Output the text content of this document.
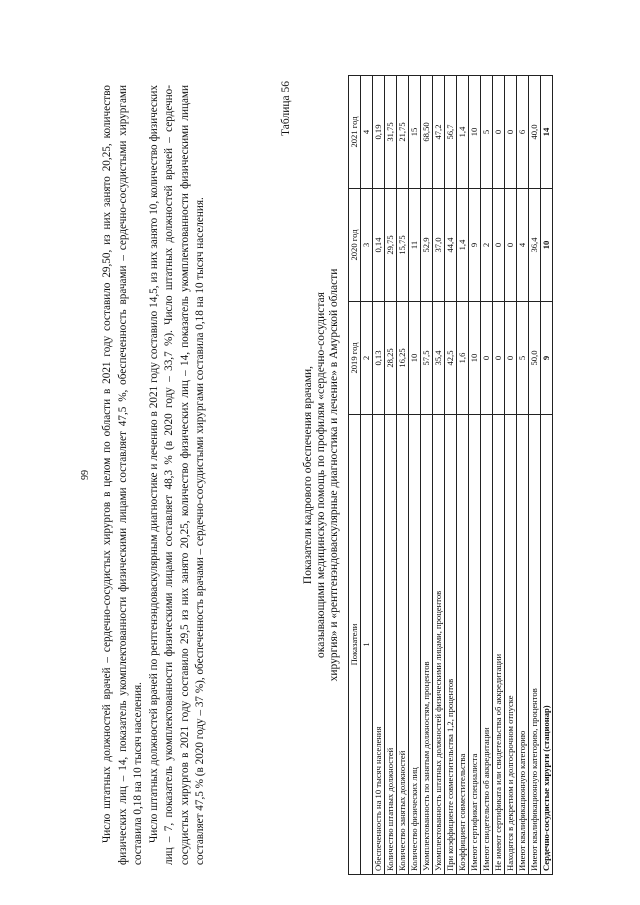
99 Число штатных должностей врачей – сердечно-сосудистых хирургов в целом по области в 2021 году составило 29,50, из них занято 20,25, количество физических лиц – 14, показатель укомплектованности физическими лицами составляет 47,5 %, обеспеченность врачами – сердечно-сосудистыми хирургами составила 0,18 на 10 тысяч населения. Число штатных должностей врачей по рентгенэндоваскулярным диагностике и лечению в 2021 году составило 14,5, из них занято 10, количество физических лиц – 7, показатель укомплектованности физическими лицами составляет 48,3 % (в 2020 году – 33,7 %). Число штатных должностей врачей – сердечно-сосудистых хирургов в 2021 году составило 29,5 из них занято 20,25, количество физических лиц – 14, показатель укомплектованности физическими лицами составляет 47,5 % (в 2020 году – 37 %), обеспеченность врачами – сердечно-сосудистыми хирургами составила 0,18 на 10 тысяч населения.

Таблица 56
Показатели кадрового обеспечения врачами, оказывающими медицинскую помощь по профилям «сердечно-сосудистая хирургия» и «рентгенэндоваскулярные диагностика и лечение» в Амурской области Показатели	2019 год	2020 год	2021 год
1	2	3	4
Обеспеченность на 10 тысяч населения	0,13	0,14	0,19
Количество штатных должностей	28,25	29,75	31,75
Количество занятых должностей	16,25	15,75	21,75
Количество физических лиц	10	11	15
Укомплектованность по занятым должностям, процентов	57,5	52,9	68,50
Укомплектованность штатных должностей физическими лицами, процентов	35,4	37,0	47,2
При коэффициенте совместительства 1,2, процентов	42,5	44,4	56,7
Коэффициент совместительства	1,6	1,4	1,4
Имеют сертификат специалиста	10	9	10
Имеют свидетельство об аккредитации	0	2	5
Не имеют сертификата или свидетельства об аккредитации	0	0	0
Находятся в декретном и долгосрочном отпуске	0	0	0
Имеют квалификационную категорию	5	4	6
Имеют квалификационную категорию, процентов	50,0	36,4	40,0
Сердечно-сосудистые хирурги (стационар)	9	10	14
